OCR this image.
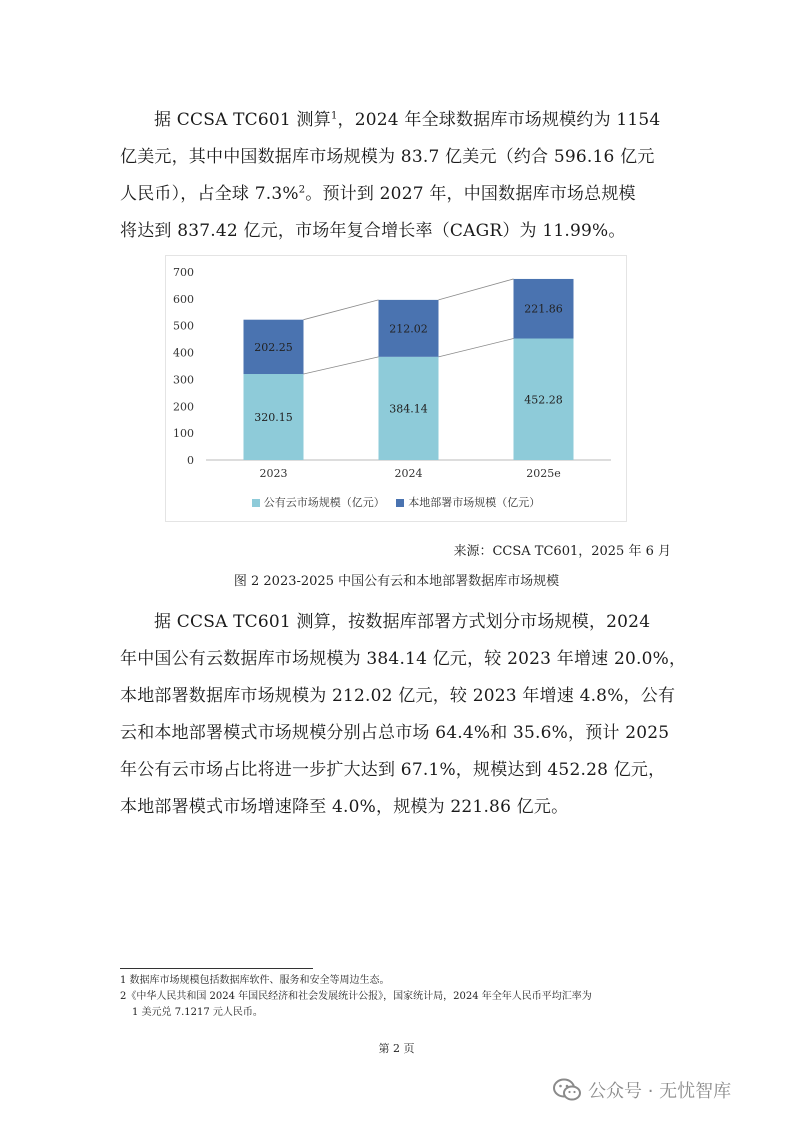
据 CCSA TC601 测算$^1$，2024 年全球数据库市场规模约为 1154
亿美元，其中中国数据库市场规模为 83.7 亿美元（约合 596.16 亿元
人民币），占全球 7.3%$^2$。预计到 2027 年，中国数据库市场总规模
将达到 837.42 亿元，市场年复合增长率（CAGR）为 11.99%。

0
100
200
300
400
500
600
700
320.15
202.25
2023
384.14
212.02
2024
452.28
221.86
2025e
公有云市场规模（亿元） 本地部署市场规模（亿元）
来源：CCSA TC601，2025 年 6 月
图 2 2023-2025 中国公有云和本地部署数据库市场规模

据 CCSA TC601 测算，按数据库部署方式划分市场规模，2024
年中国公有云数据库市场规模为 384.14 亿元，较 2023 年增速 20.0%，
本地部署数据库市场规模为 212.02 亿元，较 2023 年增速 4.8%，公有
云和本地部署模式市场规模分别占总市场 64.4%和 35.6%，预计 2025
年公有云市场占比将进一步扩大达到 67.1%，规模达到 452.28 亿元，
本地部署模式市场增速降至 4.0%，规模为 221.86 亿元。

1 数据库市场规模包括数据库软件、服务和安全等周边生态。
2《中华人民共和国 2024 年国民经济和社会发展统计公报》，国家统计局，2024 年全年人民币平均汇率为
1 美元兑 7.1217 元人民币。
第 2 页
公众号 · 无忧智库
